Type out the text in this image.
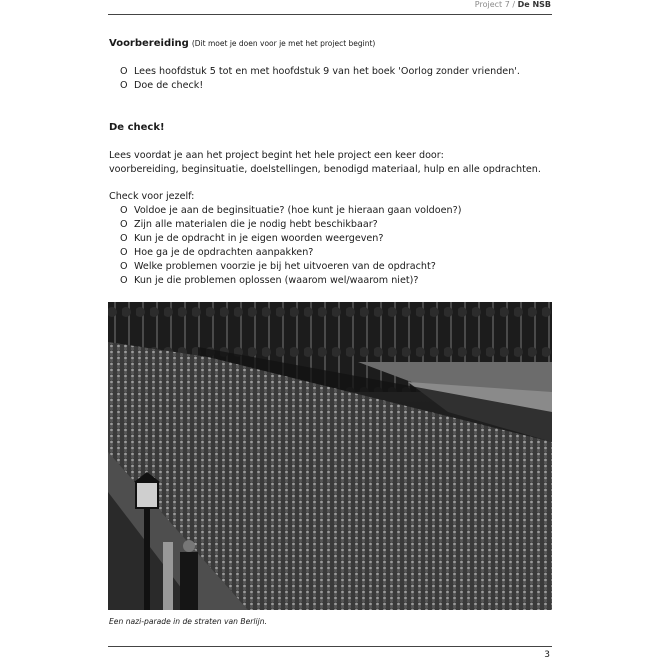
Project 7 / De NSB
Voorbereiding (Dit moet je doen voor je met het project begint)
O Lees hoofdstuk 5 tot en met hoofdstuk 9 van het boek 'Oorlog zonder vrienden'.
O Doe de check!
De check!
Lees voordat je aan het project begint het hele project een keer door:
voorbereiding, beginsituatie, doelstellingen, benodigd materiaal, hulp en alle opdrachten.
Check voor jezelf:
O Voldoe je aan de beginsituatie? (hoe kunt je hieraan gaan voldoen?)
O Zijn alle materialen die je nodig hebt beschikbaar?
O Kun je de opdracht in je eigen woorden weergeven?
O Hoe ga je de opdrachten aanpakken?
O Welke problemen voorzie je bij het uitvoeren van de opdracht?
O Kun je die problemen oplossen (waarom wel/waarom niet)?
Een nazi-parade in de straten van Berlijn.
3
